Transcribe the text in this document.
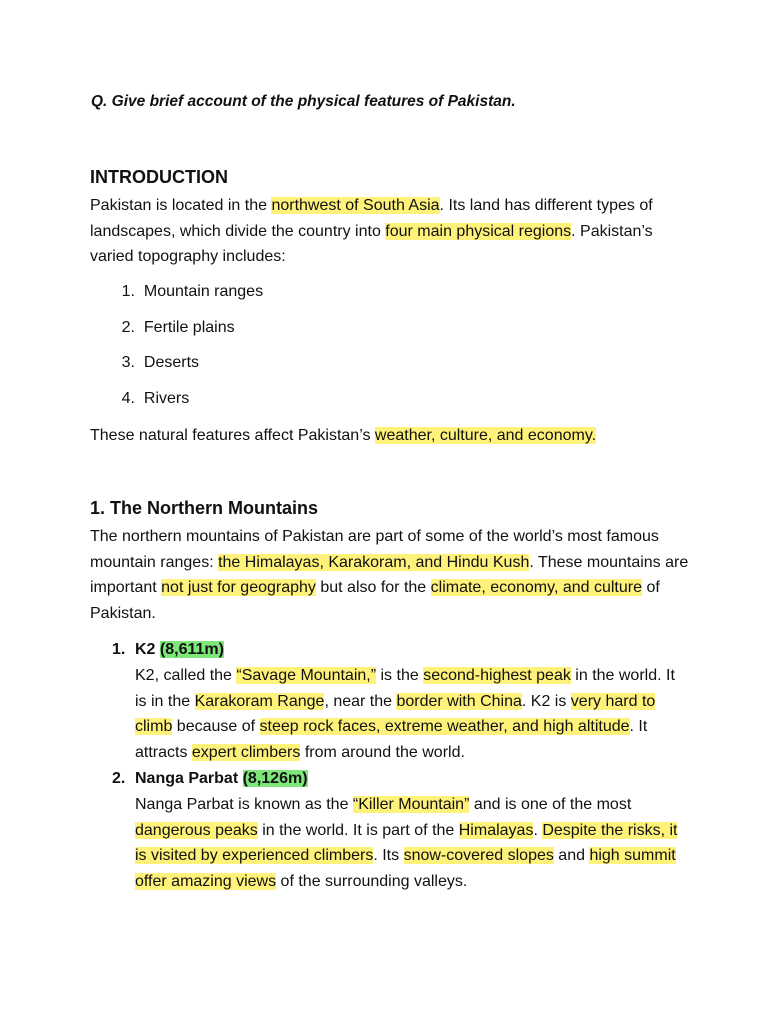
Q. Give brief account of the physical features of Pakistan.

INTRODUCTION

Pakistan is located in the northwest of South Asia. Its land has different types of landscapes, which divide the country into four main physical regions. Pakistan’s varied topography includes:

1.
Mountain ranges
2.
Fertile plains
3.
Deserts
4.
Rivers

These natural features affect Pakistan’s weather, culture, and economy.

1. The Northern Mountains

The northern mountains of Pakistan are part of some of the world’s most famous mountain ranges: the Himalayas, Karakoram, and Hindu Kush. These mountains are important not just for geography but also for the climate, economy, and culture of Pakistan.

1. K2 (8,611m)
K2, called the “Savage Mountain,” is the second-highest peak in the world. It is in the Karakoram Range, near the border with China. K2 is very hard to climb because of steep rock faces, extreme weather, and high altitude. It attracts expert climbers from around the world.
2. Nanga Parbat (8,126m)
Nanga Parbat is known as the “Killer Mountain” and is one of the most dangerous peaks in the world. It is part of the Himalayas. Despite the risks, it is visited by experienced climbers. Its snow-covered slopes and high summit offer amazing views of the surrounding valleys.
